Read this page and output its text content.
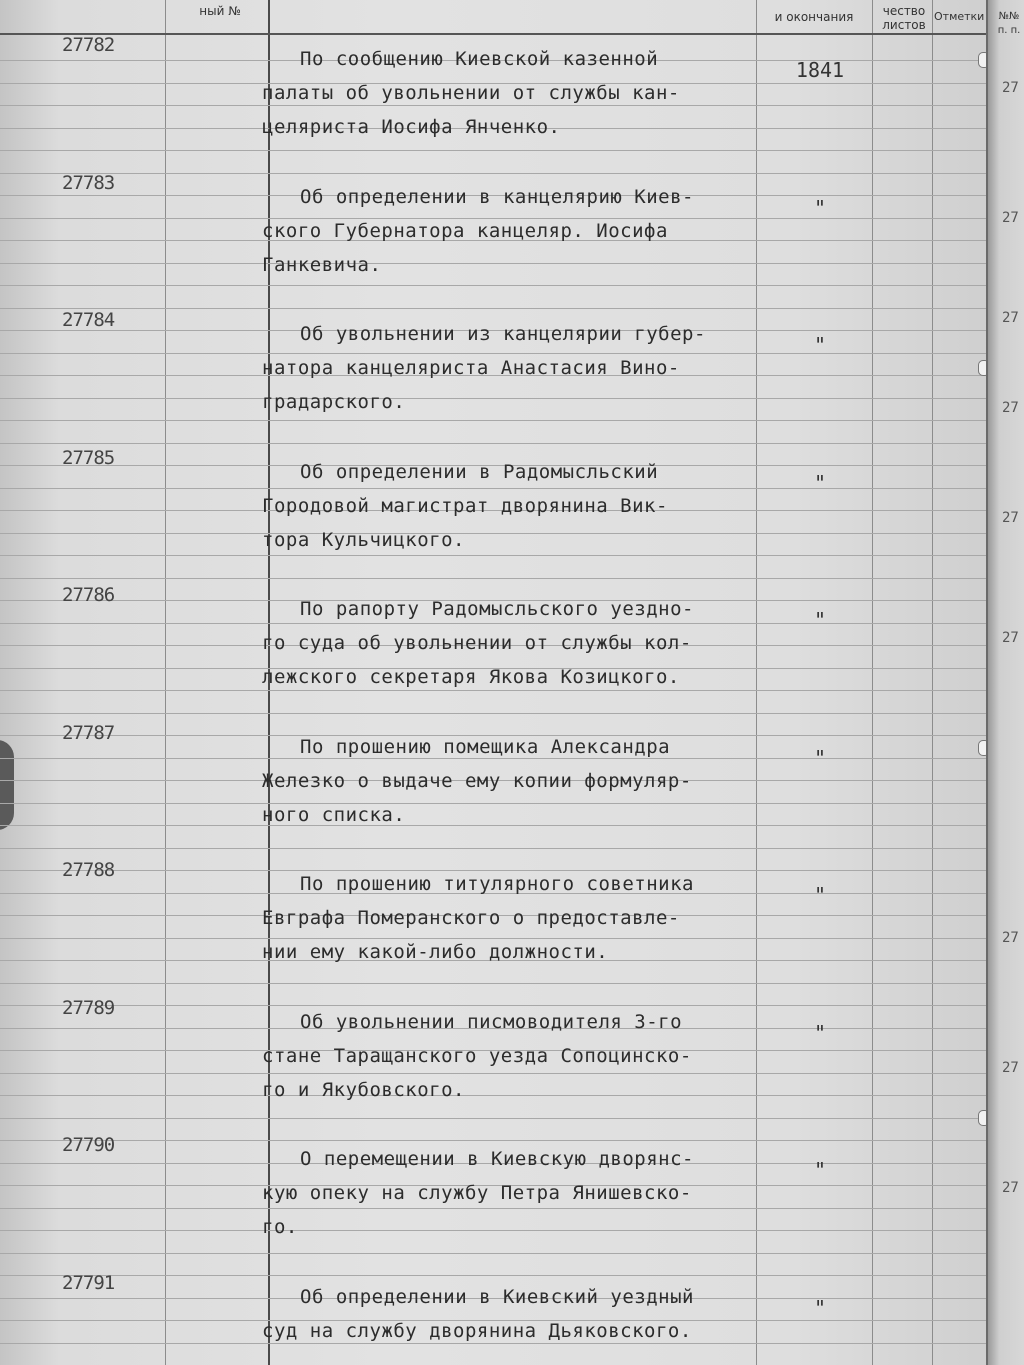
ный №	и окончания	чество листов
Отметки
27782
1841
По сообщению Киевской казенной
палаты об увольнении от службы кан-
целяриста Иосифа Янченко.
27783
"
Об определении в канцелярию Киев-
ского Губернатора канцеляр. Иосифа
Ганкевича.
27784
"
Об увольнении из канцелярии губер-
натора канцеляриста Анастасия Вино-
градарского.
27785
"
Об определении в Радомысльский
Городовой магистрат дворянина Вик-
тора Кульчицкого.
27786
"
По рапорту Радомысльского уездно-
го суда об увольнении от службы кол-
лежского секретаря Якова Козицкого.
27787
"
По прошению помещика Александра
Железко о выдаче ему копии формуляр-
ного списка.
27788
"
По прошению титулярного советника
Евграфа Померанского о предоставле-
нии ему какой-либо должности.
27789
"
Об увольнении писмоводителя 3-го
стане Таращанского уезда Сопоцинско-
го и Якубовского.
27790
"
О перемещении в Киевскую дворянс-
кую опеку на службу Петра Янишевско-
го.
27791
"
Об определении в Киевский уездный
суд на службу дворянина Дьяковского.
№№ п. п.
27
27
27
27
27
27
27
27
27
